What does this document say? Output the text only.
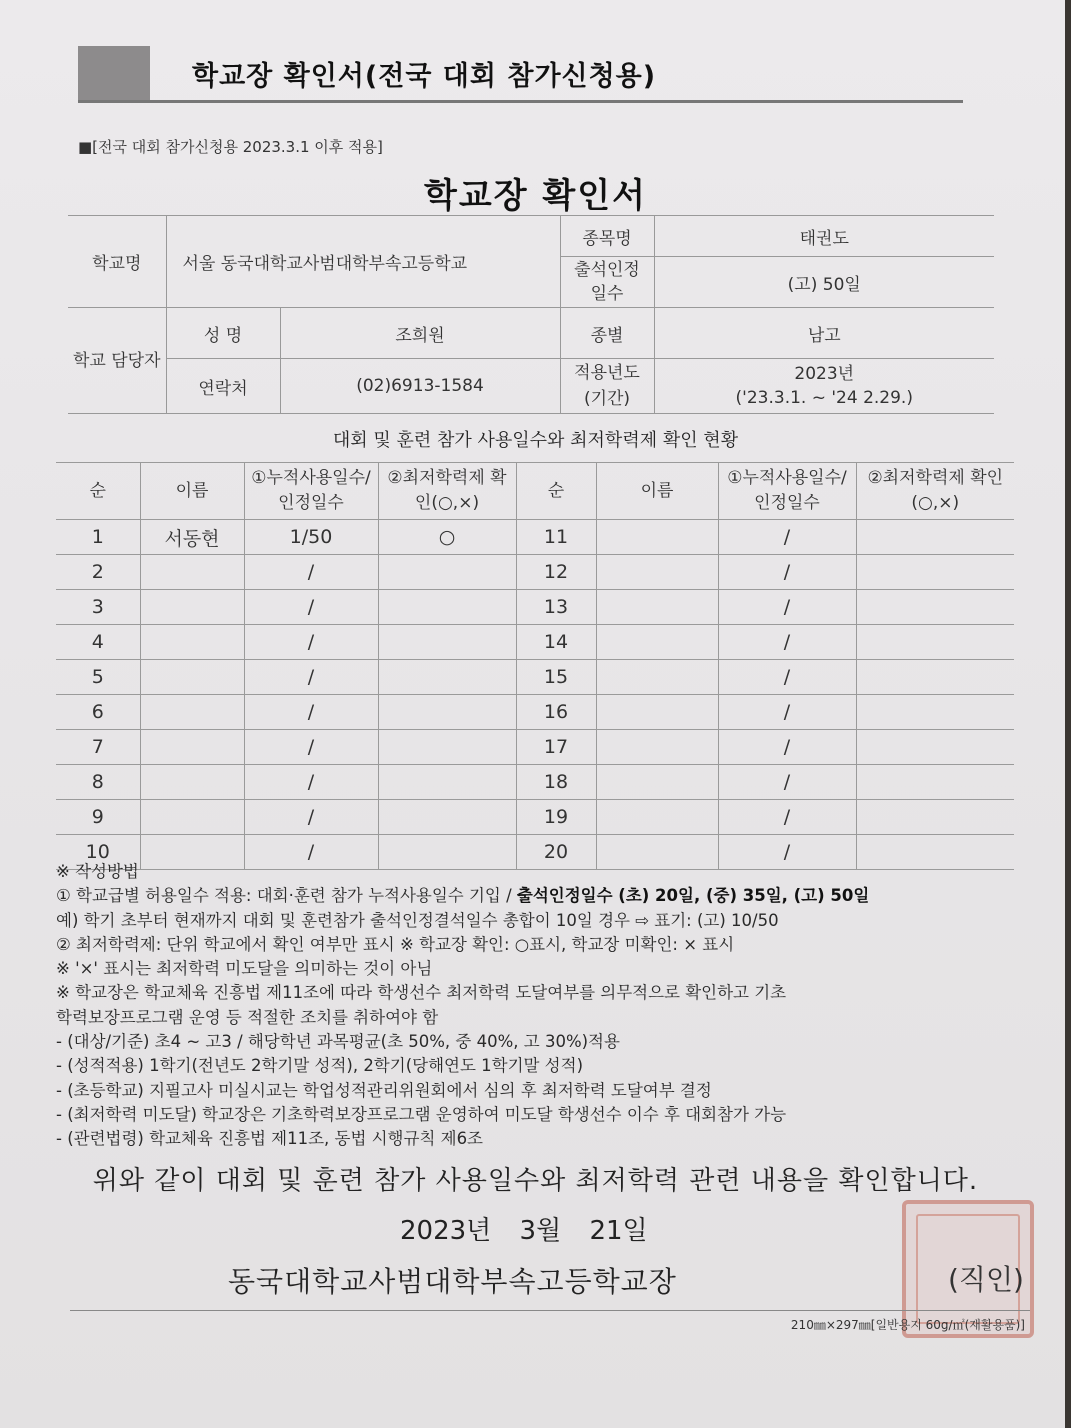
학교장 확인서(전국 대회 참가신청용)
■[전국 대회 참가신청용 2023.3.1 이후 적용]
학교장 확인서
학교명	서울 동국대학교사범대학부속고등학교		종목명	태권도
			출석인정 일수	(고) 50일
학교 담당자	성 명	조희원	종별	남고
	연락처	(02)6913-1584	적용년도 (기간)	2023년
('23.3.1. ~ '24 2.29.)
대회 및 훈련 참가 사용일수와 최저학력제 확인 현황
순	이름	①누적사용일수/인정일수	②최저학력제 확인(○,×)	순	이름	①누적사용일수/ 인정일수	②최저학력제 확인(○,×)
1	서동현	1/50	○	11		/	
2		/		12		/	
3		/		13		/	
4		/		14		/	
5		/		15		/	
6		/		16		/	
7		/		17		/	
8		/		18		/	
9		/		19		/	
10		/		20		/	
※ 작성방법
① 학교급별 허용일수 적용: 대회·훈련 참가 누적사용일수 기입 / 출석인정일수 (초) 20일, (중) 35일, (고) 50일
예) 학기 초부터 현재까지 대회 및 훈련참가 출석인정결석일수 총합이 10일 경우 ⇨ 표기: (고) 10/50
② 최저학력제: 단위 학교에서 확인 여부만 표시 ※ 학교장 확인: ○표시, 학교장 미확인: × 표시
※ '×' 표시는 최저학력 미도달을 의미하는 것이 아님
※ 학교장은 학교체육 진흥법 제11조에 따라 학생선수 최저학력 도달여부를 의무적으로 확인하고 기초
학력보장프로그램 운영 등 적절한 조치를 취하여야 함
- (대상/기준) 초4 ~ 고3 / 해당학년 과목평균(초 50%, 중 40%, 고 30%)적용
- (성적적용) 1학기(전년도 2학기말 성적), 2학기(당해연도 1학기말 성적)
- (초등학교) 지필고사 미실시교는 학업성적관리위원회에서 심의 후 최저학력 도달여부 결정
- (최저학력 미도달) 학교장은 기초학력보장프로그램 운영하여 미도달 학생선수 이수 후 대회참가 가능
- (관련법령) 학교체육 진흥법 제11조, 동법 시행규칙 제6조
위와 같이 대회 및 훈련 참가 사용일수와 최저학력 관련 내용을 확인합니다.
2023년 3월 21일
동국대학교사범대학부속고등학교장	(직인)
210㎜×297㎜[일반용지 60g/㎡(재활용품)]
